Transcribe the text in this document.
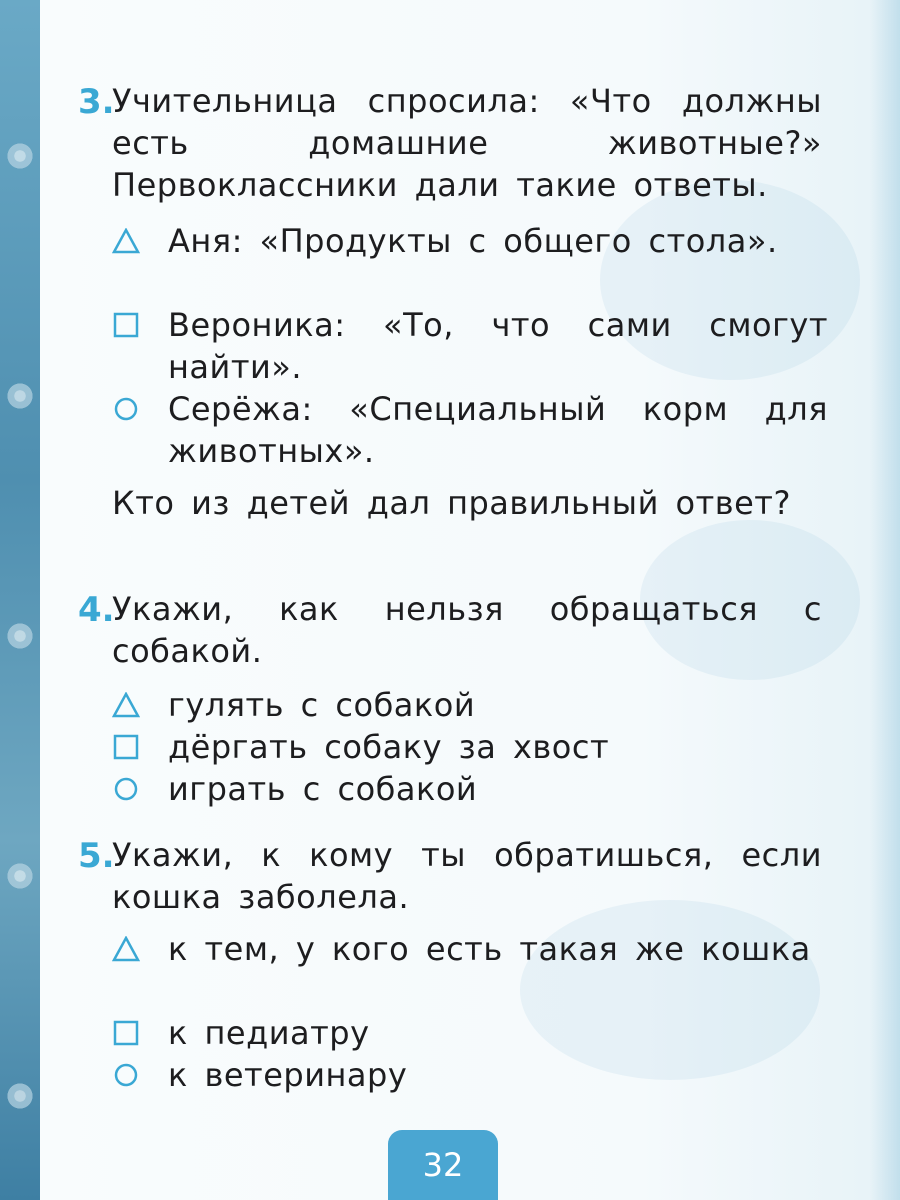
3.
Учительница спросила: «Что должны есть домашние животные?» Первоклассники дали такие ответы.
Аня: «Продукты с общего стола».
Вероника: «То, что сами смогут найти».
Серёжа: «Специальный корм для животных».
Кто из детей дал правильный ответ?
4.
Укажи, как нельзя обращаться с собакой.
гулять с собакой
дёргать собаку за хвост
играть с собакой
5.
Укажи, к кому ты обратишься, если кошка заболела.
к тем, у кого есть такая же кошка
к педиатру
к ветеринару
32
